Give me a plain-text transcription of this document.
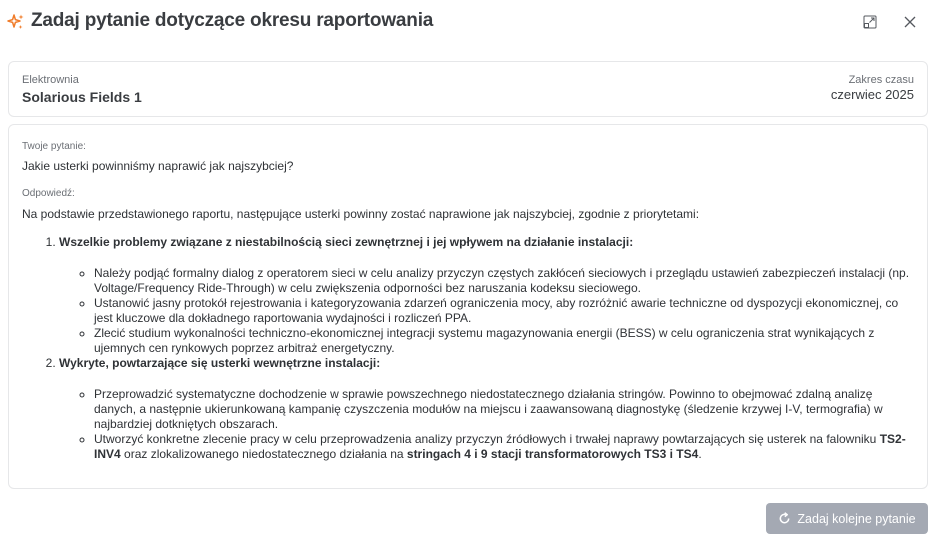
Zadaj pytanie dotyczące okresu raportowania
Elektrownia
Solarious Fields 1
Zakres czasu
czerwiec 2025
Twoje pytanie:
Jakie usterki powinniśmy naprawić jak najszybciej?
Odpowiedź:
Na podstawie przedstawionego raportu, następujące usterki powinny zostać naprawione jak najszybciej, zgodnie z priorytetami:
1. Wszelkie problemy związane z niestabilnością sieci zewnętrznej i jej wpływem na działanie instalacji:
◦ Należy podjąć formalny dialog z operatorem sieci w celu analizy przyczyn częstych zakłóceń sieciowych i przeglądu ustawień zabezpieczeń instalacji (np. Voltage/Frequency Ride-Through) w celu zwiększenia odporności bez naruszania kodeksu sieciowego.
◦ Ustanowić jasny protokół rejestrowania i kategoryzowania zdarzeń ograniczenia mocy, aby rozróżnić awarie techniczne od dyspozycji ekonomicznej, co jest kluczowe dla dokładnego raportowania wydajności i rozliczeń PPA.
◦ Zlecić studium wykonalności techniczno-ekonomicznej integracji systemu magazynowania energii (BESS) w celu ograniczenia strat wynikających z ujemnych cen rynkowych poprzez arbitraż energetyczny.
2. Wykryte, powtarzające się usterki wewnętrzne instalacji:
◦ Przeprowadzić systematyczne dochodzenie w sprawie powszechnego niedostatecznego działania stringów. Powinno to obejmować zdalną analizę danych, a następnie ukierunkowaną kampanię czyszczenia modułów na miejscu i zaawansowaną diagnostykę (śledzenie krzywej I-V, termografia) w najbardziej dotkniętych obszarach.
◦ Utworzyć konkretne zlecenie pracy w celu przeprowadzenia analizy przyczyn źródłowych i trwałej naprawy powtarzających się usterek na falowniku TS2-INV4 oraz zlokalizowanego niedostatecznego działania na stringach 4 i 9 stacji transformatorowych TS3 i TS4.
Zadaj kolejne pytanie
